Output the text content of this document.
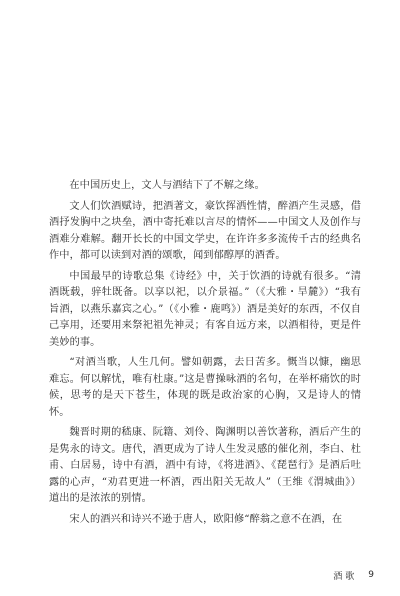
在中国历史上，文人与酒结下了不解之缘。

文人们饮酒赋诗，把酒著文，豪饮挥洒性情，醉酒产生灵感，借酒抒发胸中之块垒，酒中寄托难以言尽的情怀——中国文人及创作与酒难分难解。翻开长长的中国文学史，在许许多多流传千古的经典名作中，都可以读到对酒的颂歌，闻到郁醇厚的酒香。

中国最早的诗歌总集《诗经》中，关于饮酒的诗就有很多。“清酒既载，骍牡既备。以享以祀，以介景福。”（《大雅・旱麓》）“我有旨酒，以燕乐嘉宾之心。”（《小雅・鹿鸣》）酒是美好的东西，不仅自己享用，还要用来祭祀祖先神灵；有客自远方来，以酒相待，更是件美妙的事。

“对酒当歌，人生几何。譬如朝露，去日苦多。慨当以慷，幽思难忘。何以解忧，唯有杜康。”这是曹操咏酒的名句，在举杯痛饮的时候，思考的是天下苍生，体现的既是政治家的心胸，又是诗人的情怀。

魏晋时期的嵇康、阮籍、刘伶、陶渊明以善饮著称，酒后产生的是隽永的诗文。唐代，酒更成为了诗人生发灵感的催化剂，李白、杜甫、白居易，诗中有酒，酒中有诗，《将进酒》、《琵琶行》是酒后吐露的心声，“劝君更进一杯酒，西出阳关无故人”（王维《渭城曲》）道出的是浓浓的别情。

宋人的酒兴和诗兴不逊于唐人，欧阳修“醉翁之意不在酒，在

酒 歌 9
